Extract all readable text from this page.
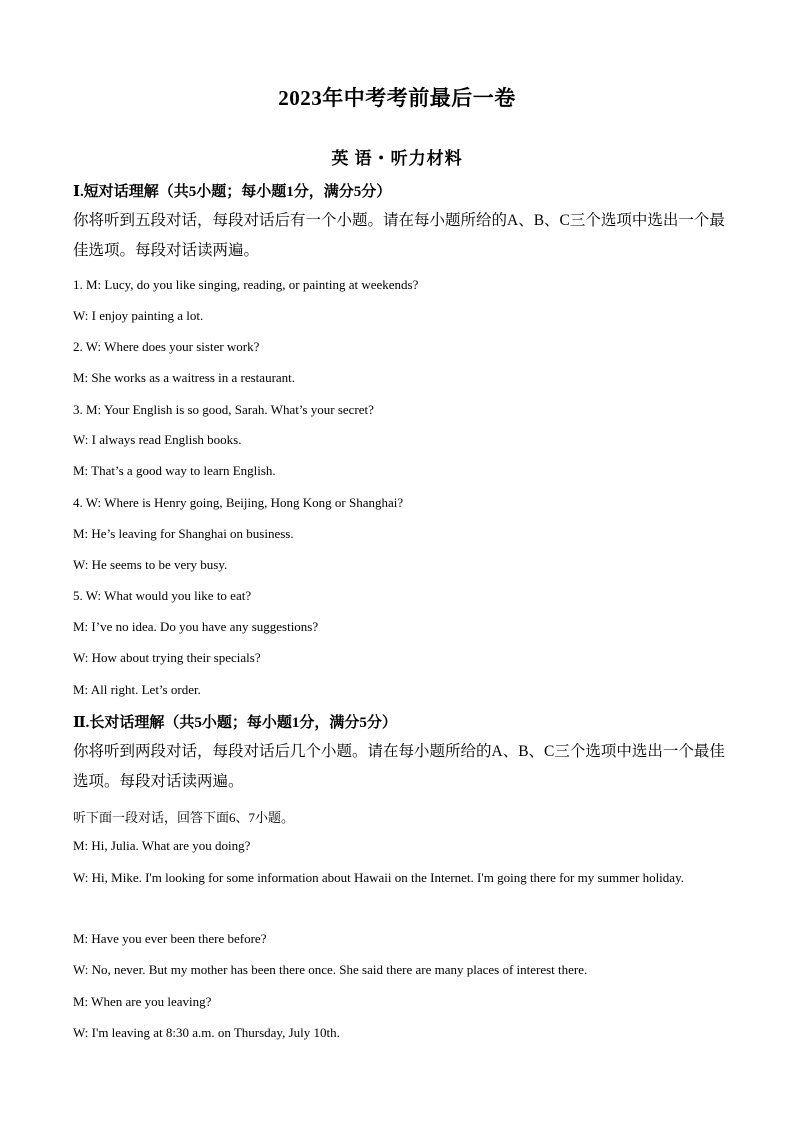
2023年中考考前最后一卷
英 语・听力材料
Ⅰ.短对话理解（共5小题；每小题1分，满分5分）
你将听到五段对话，每段对话后有一个小题。请在每小题所给的A、B、C三个选项中选出一个最佳选项。每段对话读两遍。
1. M: Lucy, do you like singing, reading, or painting at weekends?
W: I enjoy painting a lot.
2. W: Where does your sister work?
M: She works as a waitress in a restaurant.
3. M: Your English is so good, Sarah. What’s your secret?
W: I always read English books.
M: That’s a good way to learn English.
4. W: Where is Henry going, Beijing, Hong Kong or Shanghai?
M: He’s leaving for Shanghai on business.
W: He seems to be very busy.
5. W: What would you like to eat?
M: I’ve no idea. Do you have any suggestions?
W: How about trying their specials?
M: All right. Let’s order.
Ⅱ.长对话理解（共5小题；每小题1分，满分5分）
你将听到两段对话，每段对话后几个小题。请在每小题所给的A、B、C三个选项中选出一个最佳选项。每段对话读两遍。
听下面一段对话，回答下面6、7小题。
M: Hi, Julia. What are you doing?
W: Hi, Mike. I'm looking for some information about Hawaii on the Internet. I'm going there for my summer holiday.
M: Have you ever been there before?
W: No, never. But my mother has been there once. She said there are many places of interest there.
M: When are you leaving?
W: I'm leaving at 8:30 a.m. on Thursday, July 10th.
